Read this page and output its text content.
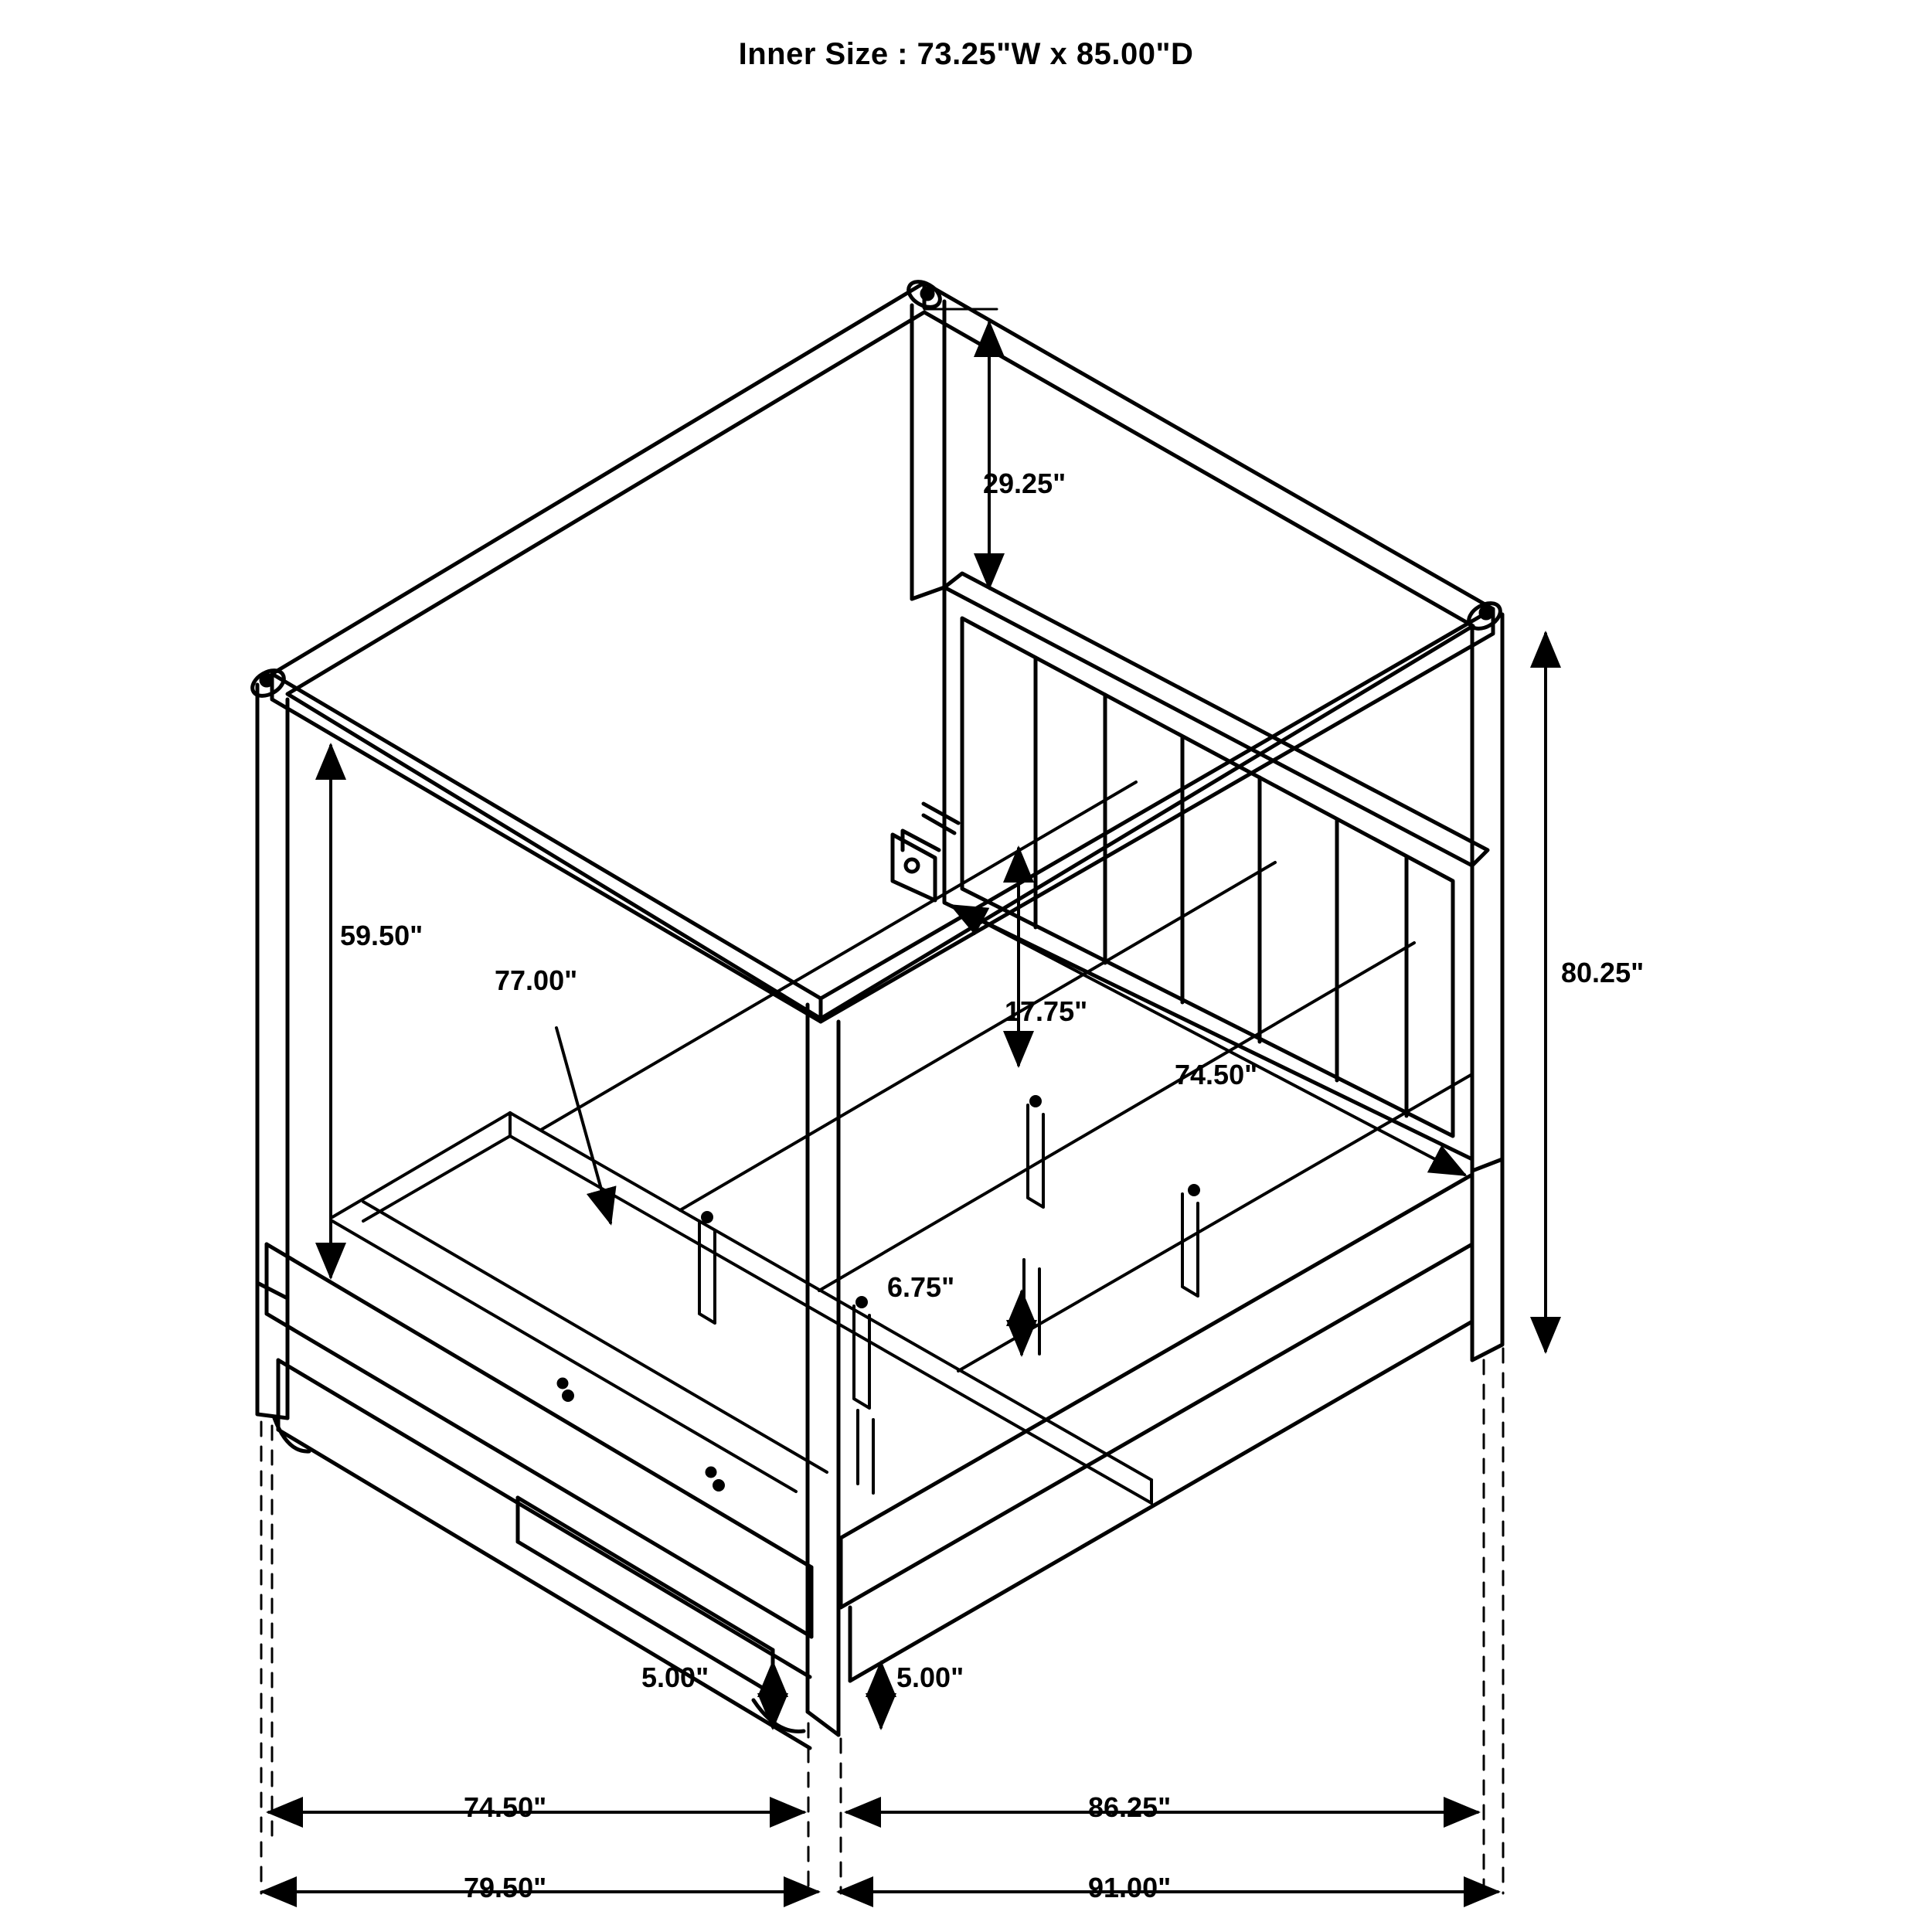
Inner Size : 73.25"W x 85.00"D
29.25"
59.50"
77.00"
17.75"
80.25"
74.50"
6.75"
5.00"	5.00"
74.50"	86.25"
79.50"	91.00"
